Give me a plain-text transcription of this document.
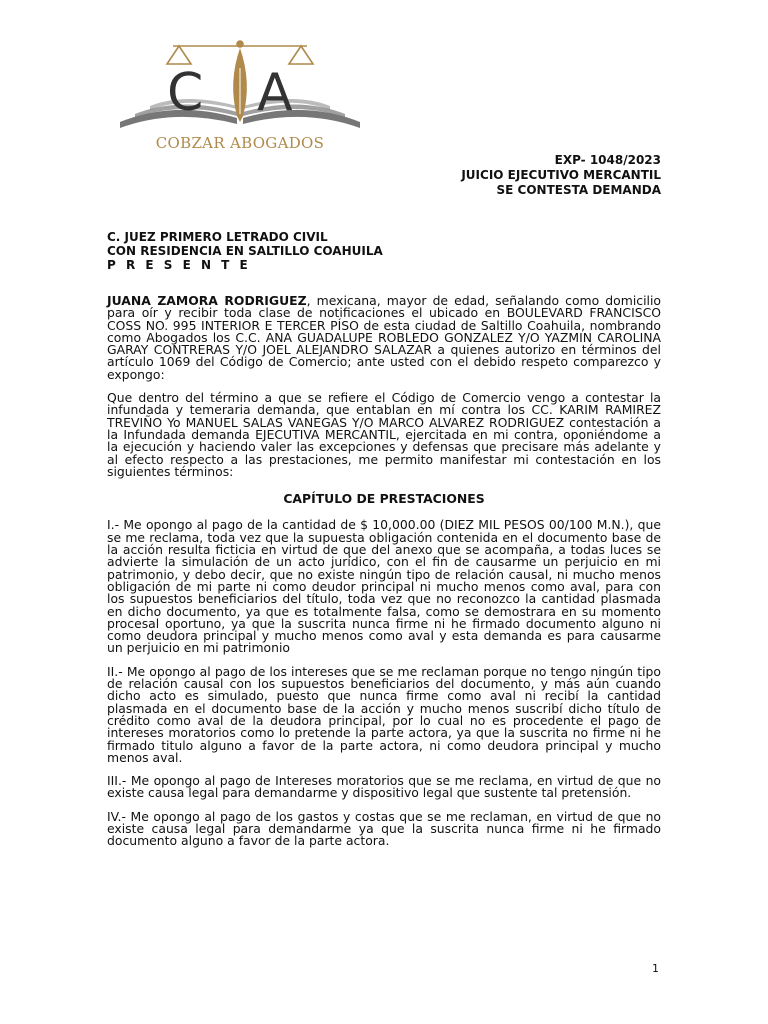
C A
COBZAR ABOGADOS
EXP- 1048/2023
JUICIO EJECUTIVO MERCANTIL
SE CONTESTA DEMANDA
C. JUEZ PRIMERO LETRADO CIVIL
CON RESIDENCIA EN SALTILLO COAHUILA
P R E S E N T E

JUANA ZAMORA RODRIGUEZ, mexicana, mayor de edad, señalando como domicilio para oír y recibir toda clase de notificaciones el ubicado en BOULEVARD FRANCISCO COSS NO. 995 INTERIOR E TERCER PÍSO de esta ciudad de Saltillo Coahuila, nombrando como Abogados los C.C. ANA GUADALUPE ROBLEDO GONZALEZ Y/O YAZMIN CAROLINA GARAY CONTRERAS Y/O JOEL ALEJANDRO SALAZAR a quienes autorizo en términos del artículo 1069 del Código de Comercio; ante usted con el debido respeto comparezco y expongo:

Que dentro del término a que se refiere el Código de Comercio vengo a contestar la infundada y temeraria demanda, que entablan en mí contra los CC. KARIM RAMIREZ TREVIÑO Yo MANUEL SALAS VANEGAS Y/O MARCO ALVAREZ RODRIGUEZ contestación a la Infundada demanda EJECUTIVA MERCANTIL, ejercitada en mi contra, oponiéndome a la ejecución y haciendo valer las excepciones y defensas que precisare más adelante y al efecto respecto a las prestaciones, me permito manifestar mi contestación en los siguientes términos:

CAPÍTULO DE PRESTACIONES

I.- Me opongo al pago de la cantidad de $ 10,000.00 (DIEZ MIL PESOS 00/100 M.N.), que se me reclama, toda vez que la supuesta obligación contenida en el documento base de la acción resulta ficticia en virtud de que del anexo que se acompaña, a todas luces se advierte la simulación de un acto jurídico, con el fin de causarme un perjuicio en mi patrimonio, y debo decir, que no existe ningún tipo de relación causal, ni mucho menos obligación de mi parte ni como deudor principal ni mucho menos como aval, para con los supuestos beneficiarios del título, toda vez que no reconozco la cantidad plasmada en dicho documento, ya que es totalmente falsa, como se demostrara en su momento procesal oportuno, ya que la suscrita nunca firme ni he firmado documento alguno ni como deudora principal y mucho menos como aval y esta demanda es para causarme un perjuicio en mi patrimonio

II.- Me opongo al pago de los intereses que se me reclaman porque no tengo ningún tipo de relación causal con los supuestos beneficiarios del documento, y más aún cuando dicho acto es simulado, puesto que nunca firme como aval ni recibí la cantidad plasmada en el documento base de la acción y mucho menos suscribí dicho título de crédito como aval de la deudora principal, por lo cual no es procedente el pago de intereses moratorios como lo pretende la parte actora, ya que la suscrita no firme ni he firmado titulo alguno a favor de la parte actora, ni como deudora principal y mucho menos aval.

III.- Me opongo al pago de Intereses moratorios que se me reclama, en virtud de que no existe causa legal para demandarme y dispositivo legal que sustente tal pretensión.

IV.- Me opongo al pago de los gastos y costas que se me reclaman, en virtud de que no existe causa legal para demandarme ya que la suscrita nunca firme ni he firmado documento alguno a favor de la parte actora.

1
